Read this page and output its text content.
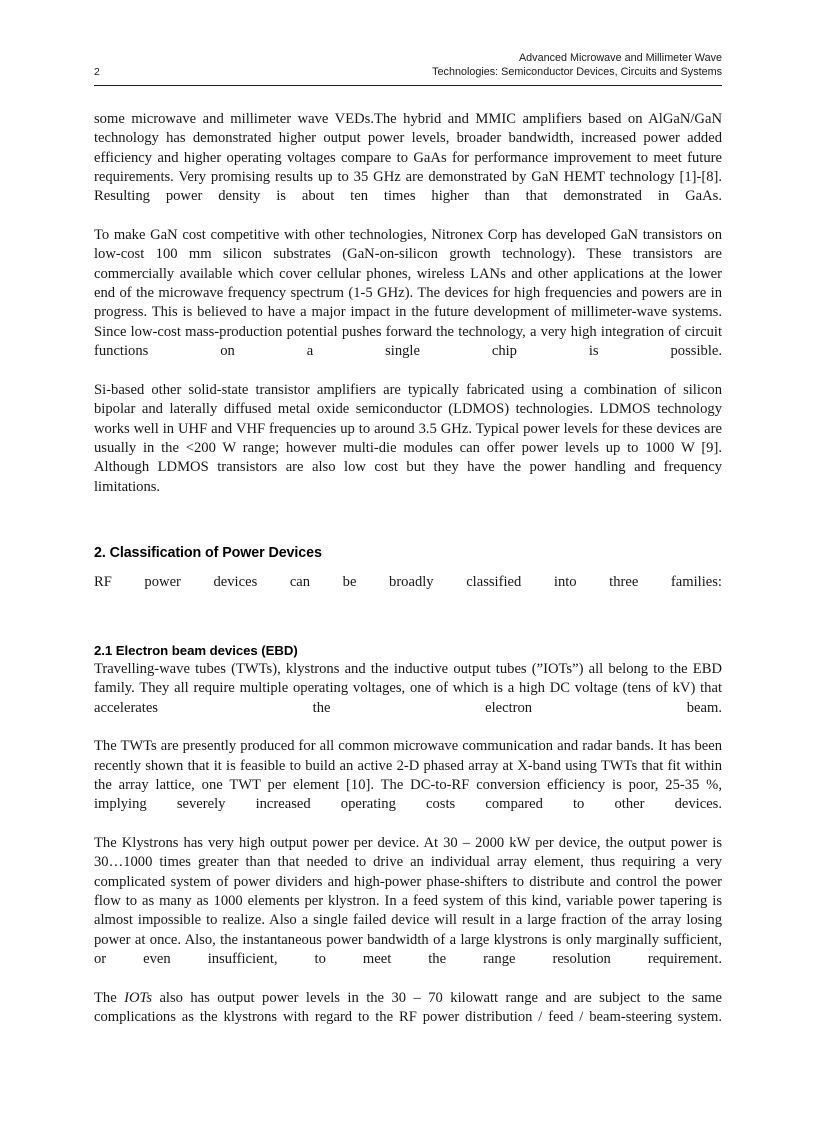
2
Advanced Microwave and Millimeter Wave
Technologies: Semiconductor Devices, Circuits and Systems

some microwave and millimeter wave VEDs.The hybrid and MMIC amplifiers based on AlGaN/GaN technology has demonstrated higher output power levels, broader bandwidth, increased power added efficiency and higher operating voltages compare to GaAs for performance improvement to meet future requirements. Very promising results up to 35 GHz are demonstrated by GaN HEMT technology [1]-[8]. Resulting power density is about ten times higher than that demonstrated in GaAs.

To make GaN cost competitive with other technologies, Nitronex Corp has developed GaN transistors on low-cost 100 mm silicon substrates (GaN-on-silicon growth technology). These transistors are commercially available which cover cellular phones, wireless LANs and other applications at the lower end of the microwave frequency spectrum (1-5 GHz). The devices for high frequencies and powers are in progress. This is believed to have a major impact in the future development of millimeter-wave systems. Since low-cost mass-production potential pushes forward the technology, a very high integration of circuit functions on a single chip is possible.

Si-based other solid-state transistor amplifiers are typically fabricated using a combination of silicon bipolar and laterally diffused metal oxide semiconductor (LDMOS) technologies. LDMOS technology works well in UHF and VHF frequencies up to around 3.5 GHz. Typical power levels for these devices are usually in the <200 W range; however multi-die modules can offer power levels up to 1000 W [9]. Although LDMOS transistors are also low cost but they have the power handling and frequency limitations.

2. Classification of Power Devices

RF power devices can be broadly classified into three families:

2.1 Electron beam devices (EBD)

Travelling-wave tubes (TWTs), klystrons and the inductive output tubes (”IOTs”) all belong to the EBD family. They all require multiple operating voltages, one of which is a high DC voltage (tens of kV) that accelerates the electron beam.

The TWTs are presently produced for all common microwave communication and radar bands. It has been recently shown that it is feasible to build an active 2-D phased array at X-band using TWTs that fit within the array lattice, one TWT per element [10]. The DC-to-RF conversion efficiency is poor, 25-35 %, implying severely increased operating costs compared to other devices.

The Klystrons has very high output power per device. At 30 – 2000 kW per device, the output power is 30…1000 times greater than that needed to drive an individual array element, thus requiring a very complicated system of power dividers and high-power phase-shifters to distribute and control the power flow to as many as 1000 elements per klystron. In a feed system of this kind, variable power tapering is almost impossible to realize. Also a single failed device will result in a large fraction of the array losing power at once. Also, the instantaneous power bandwidth of a large klystrons is only marginally sufficient, or even insufficient, to meet the range resolution requirement.

The IOTs also has output power levels in the 30 – 70 kilowatt range and are subject to the same complications as the klystrons with regard to the RF power distribution / feed / beam-steering system.
